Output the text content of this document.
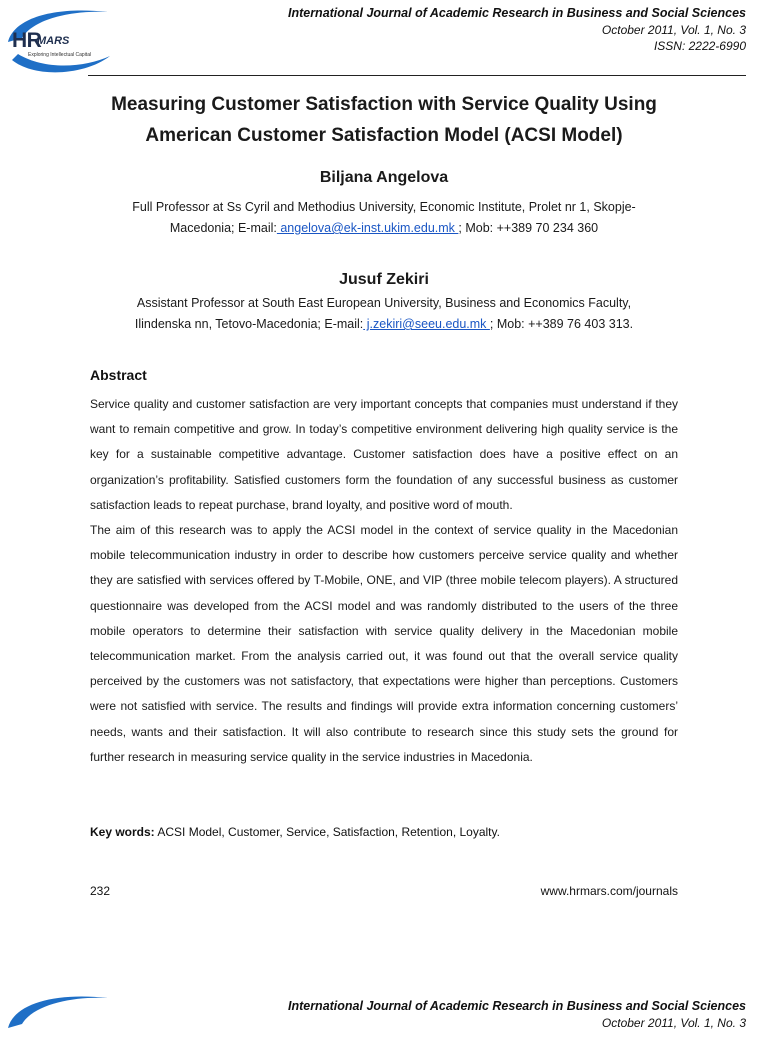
HR
MARS
Exploring Intellectual Capital
International Journal of Academic Research in Business and Social Sciences
October 2011, Vol. 1, No. 3
ISSN: 2222-6990
Measuring Customer Satisfaction with Service Quality Using
American Customer Satisfaction Model (ACSI Model)
Biljana Angelova
Full Professor at Ss Cyril and Methodius University, Economic Institute, Prolet nr 1, Skopje-
Macedonia; E-mail: angelova@ek-inst.ukim.edu.mk ; Mob: ++389 70 234 360
Jusuf Zekiri
Assistant Professor at South East European University, Business and Economics Faculty,
Ilindenska nn, Tetovo-Macedonia; E-mail: j.zekiri@seeu.edu.mk ; Mob: ++389 76 403 313.
Abstract

Service quality and customer satisfaction are very important concepts that companies must understand if they want to remain competitive and grow. In today’s competitive environment delivering high quality service is the key for a sustainable competitive advantage. Customer satisfaction does have a positive effect on an organization’s profitability. Satisfied customers form the foundation of any successful business as customer satisfaction leads to repeat purchase, brand loyalty, and positive word of mouth.

The aim of this research was to apply the ACSI model in the context of service quality in the Macedonian mobile telecommunication industry in order to describe how customers perceive service quality and whether they are satisfied with services offered by T-Mobile, ONE, and VIP (three mobile telecom players). A structured questionnaire was developed from the ACSI model and was randomly distributed to the users of the three mobile operators to determine their satisfaction with service quality delivery in the Macedonian mobile telecommunication market. From the analysis carried out, it was found out that the overall service quality perceived by the customers was not satisfactory, that expectations were higher than perceptions. Customers were not satisfied with service. The results and findings will provide extra information concerning customers’ needs, wants and their satisfaction. It will also contribute to research since this study sets the ground for further research in measuring service quality in the service industries in Macedonia.

Key words: ACSI Model, Customer, Service, Satisfaction, Retention, Loyalty.
232	www.hrmars.com/journals
International Journal of Academic Research in Business and Social Sciences
October 2011, Vol. 1, No. 3
